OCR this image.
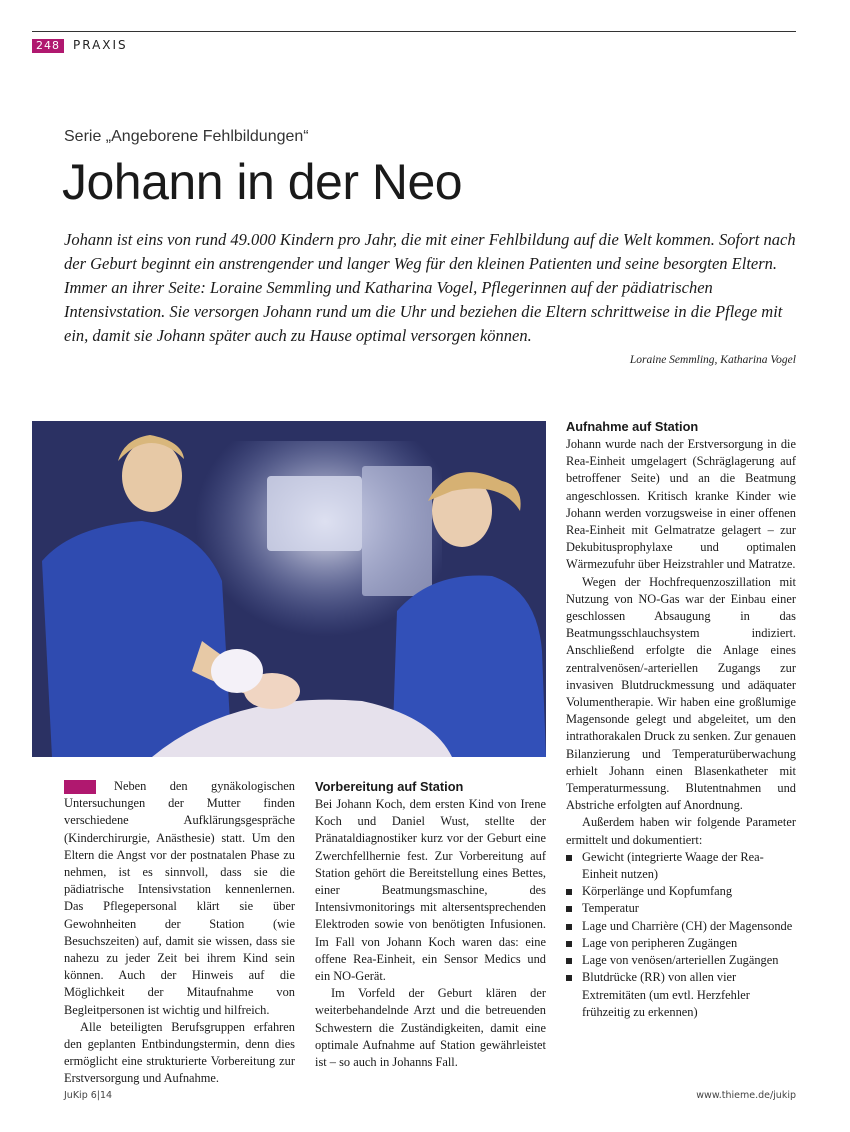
248	PRAXIS
Serie „Angeborene Fehlbildungen“
Johann in der Neo

Johann ist eins von rund 49.000 Kindern pro Jahr, die mit einer Fehlbildung auf die Welt kommen. Sofort nach der Geburt beginnt ein anstrengender und langer Weg für den kleinen Patienten und seine besorgten Eltern. Immer an ihrer Seite: Loraine Semmling und Katharina Vogel, Pflegerinnen auf der pädiatrischen Intensivstation. Sie versorgen Johann rund um die Uhr und beziehen die Eltern schrittweise in die Pflege mit ein, damit sie Johann später auch zu Hause optimal versorgen können.

Loraine Semmling, Katharina Vogel

Neben den gynäkologischen Untersuchungen der Mutter finden verschiedene Aufklärungsgespräche (Kinderchirurgie, Anästhesie) statt. Um den Eltern die Angst vor der postnatalen Phase zu nehmen, ist es sinnvoll, dass sie die pädiatrische Intensivstation kennenlernen. Das Pflegepersonal klärt sie über Gewohnheiten der Station (wie Besuchszeiten) auf, damit sie wissen, dass sie nahezu zu jeder Zeit bei ihrem Kind sein können. Auch der Hinweis auf die Möglichkeit der Mitaufnahme von Begleitpersonen ist wichtig und hilfreich.

Alle beteiligten Berufsgruppen erfahren den geplanten Entbindungstermin, denn dies ermöglicht eine strukturierte Vorbereitung zur Erstversorgung und Aufnahme.

Vorbereitung auf Station

Bei Johann Koch, dem ersten Kind von Irene Koch und Daniel Wust, stellte der Pränataldiagnostiker kurz vor der Geburt eine Zwerchfellhernie fest. Zur Vorbereitung auf Station gehört die Bereitstellung eines Bettes, einer Beatmungsmaschine, des Intensivmonitorings mit altersentsprechenden Elektroden sowie von benötigten Infusionen. Im Fall von Johann Koch waren das: eine offene Rea-Einheit, ein Sensor Medics und ein NO-Gerät.

Im Vorfeld der Geburt klären der weiterbehandelnde Arzt und die betreuenden Schwestern die Zuständigkeiten, damit eine optimale Aufnahme auf Station gewährleistet ist – so auch in Johanns Fall.

Aufnahme auf Station

Johann wurde nach der Erstversorgung in die Rea-Einheit umgelagert (Schräglagerung auf betroffener Seite) und an die Beatmung angeschlossen. Kritisch kranke Kinder wie Johann werden vorzugsweise in einer offenen Rea-Einheit mit Gelmatratze gelagert – zur Dekubitusprophylaxe und optimalen Wärmezufuhr über Heizstrahler und Matratze.

Wegen der Hochfrequenzoszillation mit Nutzung von NO-Gas war der Einbau einer geschlossen Absaugung in das Beatmungsschlauchsystem indiziert. Anschließend erfolgte die Anlage eines zentralvenösen/-arteriellen Zugangs zur invasiven Blutdruckmessung und adäquater Volumentherapie. Wir haben eine großlumige Magensonde gelegt und abgeleitet, um den intrathorakalen Druck zu senken. Zur genauen Bilanzierung und Temperaturüberwachung erhielt Johann einen Blasenkatheter mit Temperaturmessung. Blutentnahmen und Abstriche erfolgten auf Anordnung.

Außerdem haben wir folgende Parameter ermittelt und dokumentiert:

Gewicht (integrierte Waage der Rea-Einheit nutzen)
Körperlänge und Kopfumfang
Temperatur
Lage und Charrière (CH) der Magensonde
Lage von peripheren Zugängen
Lage von venösen/arteriellen Zugängen
Blutdrücke (RR) von allen vier Extremitäten (um evtl. Herzfehler frühzeitig zu erkennen)
JuKip 6|14	www.thieme.de/jukip
